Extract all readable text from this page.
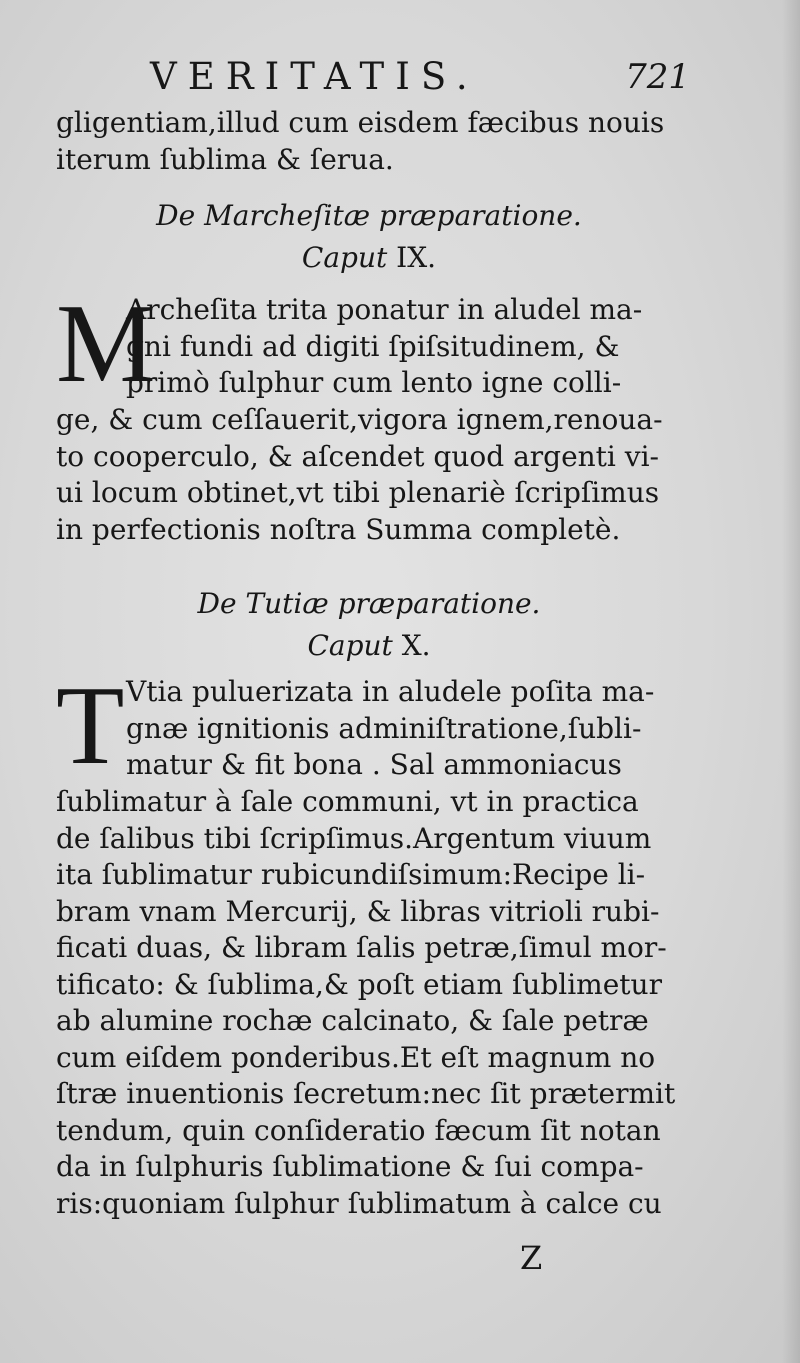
VERITATIS.	721
gligentiam,illud cum eisdem fæcibus nouis
iterum ſublima & ſerua.
De Marcheſitæ præparatione.
Caput IX.
M
Archeſita trita ponatur in aludel ma-
gni fundi ad digiti ſpiſsitudinem, &
primò ſulphur cum lento igne colli-
ge, & cum ceſſauerit,vigora ignem,renoua-
to cooperculo, & aſcendet quod argenti vi-
ui locum obtinet,vt tibi plenariè ſcripſimus
in perfectionis noſtra Summa completè.
De Tutiæ præparatione.
Caput X.
T Vtia puluerizata in aludele poſita ma-
gnæ ignitionis adminiſtratione,ſubli-
matur & fit bona . Sal ammoniacus
ſublimatur à ſale communi, vt in practica
de ſalibus tibi ſcripſimus.Argentum viuum
ita ſublimatur rubicundiſsimum:Recipe li-
bram vnam Mercurij, & libras vitrioli rubi-
ficati duas, & libram ſalis petræ,ſimul mor-
tificato: & ſublima,& poſt etiam ſublimetur
ab alumine rochæ calcinato, & ſale petræ
cum eiſdem ponderibus.Et eſt magnum no
ſtræ inuentionis ſecretum:nec ſit prætermit
tendum, quin conſideratio fæcum ſit notan
da in ſulphuris ſublimatione & ſui compa-
ris:quoniam ſulphur ſublimatum à calce cu
Z
